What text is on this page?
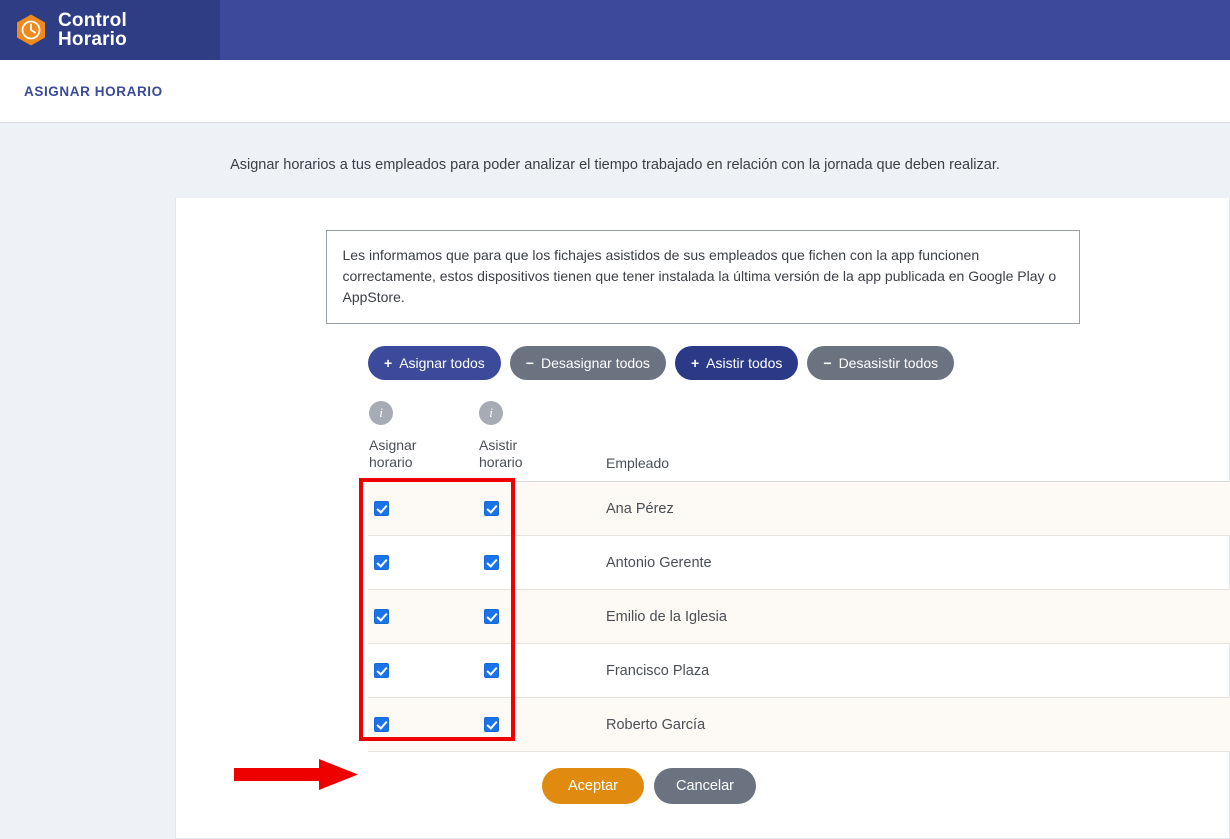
Control
Horario
ASIGNAR HORARIO
Asignar horarios a tus empleados para poder analizar el tiempo trabajado en relación con la jornada que deben realizar.
Les informamos que para que los fichajes asistidos de sus empleados que fichen con la app funcionen correctamente, estos dispositivos tienen que tener instalada la última versión de la app publicada en Google Play o AppStore.
+ Asignar todos	− Desasignar todos	+ Asistir todos	− Desasistir todos
i
Asignar
horario	i
Asistir
horario	Empleado
		Ana Pérez
		Antonio Gerente
		Emilio de la Iglesia
		Francisco Plaza
		Roberto García
Aceptar	Cancelar
